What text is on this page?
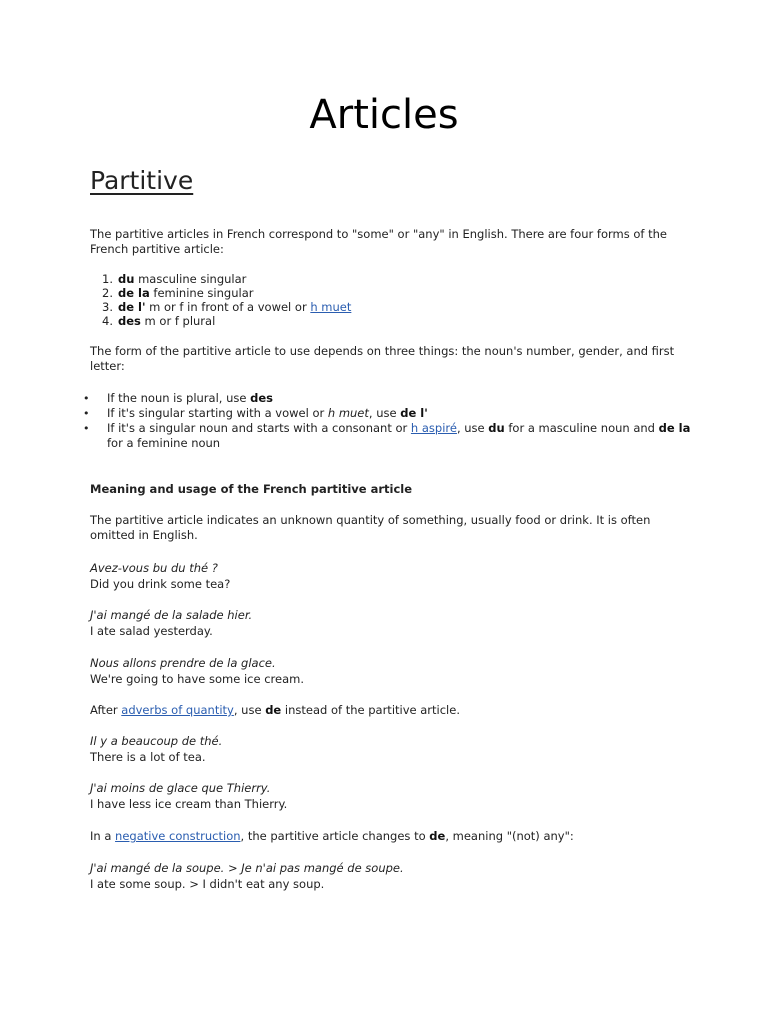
Articles
Partitive

The partitive articles in French correspond to "some" or "any" in English. There are four forms of the French partitive article:

1. du masculine singular
2. de la feminine singular
3. de l' m or f in front of a vowel or h muet
4. des m or f plural

The form of the partitive article to use depends on three things: the noun's number, gender, and first letter:

• If the noun is plural, use des
• If it's singular starting with a vowel or h muet, use de l'
• If it's a singular noun and starts with a consonant or h aspiré, use du for a masculine noun and de la for a feminine noun

Meaning and usage of the French partitive article

The partitive article indicates an unknown quantity of something, usually food or drink. It is often omitted in English.

Avez-vous bu du thé ?
Did you drink some tea?
J'ai mangé de la salade hier.
I ate salad yesterday.
Nous allons prendre de la glace.
We're going to have some ice cream.

After adverbs of quantity, use de instead of the partitive article.

Il y a beaucoup de thé.
There is a lot of tea.
J'ai moins de glace que Thierry.
I have less ice cream than Thierry.

In a negative construction, the partitive article changes to de, meaning "(not) any":

J'ai mangé de la soupe. > Je n'ai pas mangé de soupe.
I ate some soup. > I didn't eat any soup.
